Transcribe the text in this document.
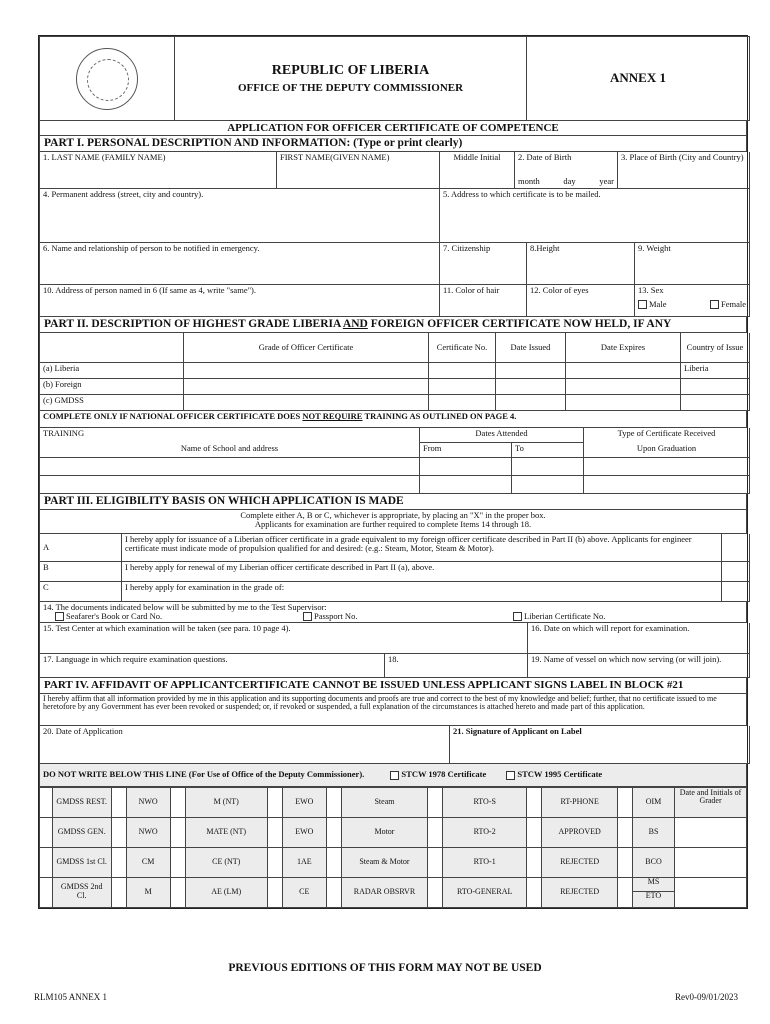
REPUBLIC OF LIBERIA
OFFICE OF THE DEPUTY COMMISSIONER
	ANNEX 1
APPLICATION FOR OFFICER CERTIFICATE OF COMPETENCE
PART I. PERSONAL DESCRIPTION AND INFORMATION: (Type or print clearly)
1. LAST NAME (FAMILY NAME)	FIRST NAME(GIVEN NAME)	Middle Initial	2. Date of Birth
month	day	year
	3. Place of Birth (City and Country)
4. Permanent address (street, city and country).	5. Address to which certificate is to be mailed.
6. Name and relationship of person to be notified in emergency.	7. Citizenship	8.Height	9. Weight
10. Address of person named in 6 (If same as 4, write "same").	11. Color of hair	12. Color of eyes	13. Sex
Male Female
PART II. DESCRIPTION OF HIGHEST GRADE LIBERIA AND FOREIGN OFFICER CERTIFICATE NOW HELD, IF ANY
	Grade of Officer Certificate	Certificate No.	Date Issued	Date Expires	Country of Issue
(a) Liberia					Liberia
(b) Foreign					
(c) GMDSS					
COMPLETE ONLY IF NATIONAL OFFICER CERTIFICATE DOES NOT REQUIRE TRAINING AS OUTLINED ON PAGE 4.
TRAINING	Dates Attended		Type of Certificate Received
Name of School and address	From	To	Upon Graduation

PART III. ELIGIBILITY BASIS ON WHICH APPLICATION IS MADE

Complete either A, B or C, whichever is appropriate, by placing an "X" in the proper box.
Applicants for examination are further required to complete Items 14 through 18.
A	I hereby apply for issuance of a Liberian officer certificate in a grade equivalent to my foreign officer certificate described in Part II (b) above. Applicants for engineer certificate must indicate mode of propulsion qualified for and desired: (e.g.: Steam, Motor, Steam & Motor).	
B	I hereby apply for renewal of my Liberian officer certificate described in Part II (a), above.	
C	I hereby apply for examination in the grade of:	
14. The documents indicated below will be submitted by me to the Test Supervisor:
Seafarer's Book or Card No.	Passport No.	Liberian Certificate No.
15. Test Center at which examination will be taken (see para. 10 page 4).	16. Date on which will report for examination.
17. Language in which require examination questions.	18.	19. Name of vessel on which now serving (or will join).
PART IV. AFFIDAVIT OF APPLICANTCERTIFICATE CANNOT BE ISSUED UNLESS APPLICANT SIGNS LABEL IN BLOCK #21
I hereby affirm that all information provided by me in this application and its supporting documents and proofs are true and correct to the best of my knowledge and belief; further, that no certificate issued to me heretofore by any Government has ever been revoked or suspended; or, if revoked or suspended, a full explanation of the circumstances is attached hereto and made part of this application.
20. Date of Application	21. Signature of Applicant on Label
DO NOT WRITE BELOW THIS LINE (For Use of Office of the Deputy Commissioner).	STCW 1978 Certificate	STCW 1995 Certificate
	GMDSS REST.		NWO		M (NT)		EWO		Steam		RTO-S		RT-PHONE		OIM	Date and Initials of Grader
	GMDSS GEN.		NWO		MATE (NT)		EWO		Motor		RTO-2		APPROVED		BS	
	GMDSS 1st Cl.		CM		CE (NT)		1AE		Steam & Motor		RTO-1		REJECTED		BCO	
	GMDSS 2nd Cl.		M		AE (LM)		CE		RADAR OBSRVR		RTO-GENERAL		REJECTED		MS
ETO	

PREVIOUS EDITIONS OF THIS FORM MAY NOT BE USED
RLM105 ANNEX 1	Rev0-09/01/2023
